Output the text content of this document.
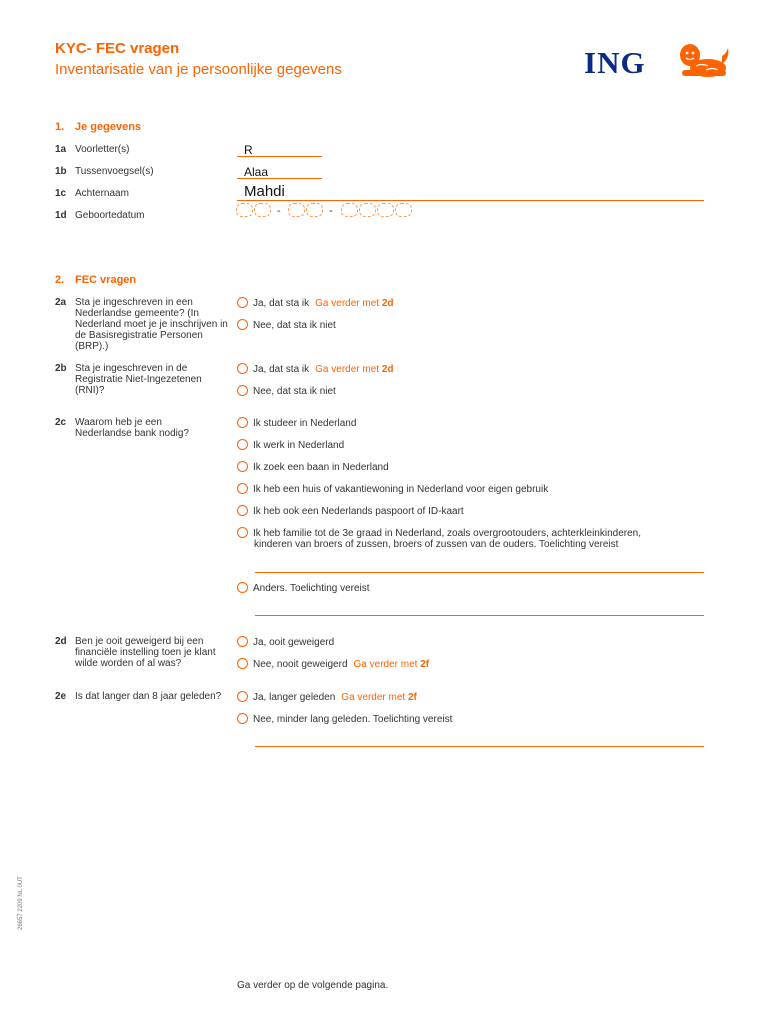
KYC- FEC vragen
Inventarisatie van je persoonlijke gegevens	ING
1. Je gegevens
1a Voorletter(s)	R
1b Tussenvoegsel(s)	Alaa
1c Achternaam	Mahdi
1d Geboortedatum	-	-
2. FEC vragen
2a Sta je ingeschreven in een Nederlandse gemeente? (In Nederland moet je je inschrijven in de Basisregistratie Personen (BRP).)
Ja, dat sta ik Ga verder met 2d
Nee, dat sta ik niet
2b Sta je ingeschreven in de Registratie Niet-Ingezetenen (RNI)?
Ja, dat sta ik Ga verder met 2d
Nee, dat sta ik niet
2c Waarom heb je een Nederlandse bank nodig?
Ik studeer in Nederland
Ik werk in Nederland
Ik zoek een baan in Nederland
Ik heb een huis of vakantiewoning in Nederland voor eigen gebruik
Ik heb ook een Nederlands paspoort of ID-kaart
Ik heb familie tot de 3e graad in Nederland, zoals overgrootouders, achterkleinkinderen,
kinderen van broers of zussen, broers of zussen van de ouders. Toelichting vereist
Anders. Toelichting vereist
2d Ben je ooit geweigerd bij een financiële instelling toen je klant wilde worden of al was?
Ja, ooit geweigerd
Nee, nooit geweigerd Ga verder met 2f
2e Is dat langer dan 8 jaar geleden?	Ja, langer geleden Ga verder met 2f
Nee, minder lang geleden. Toelichting vereist
26657 2209 NL 0UT
Ga verder op de volgende pagina.
